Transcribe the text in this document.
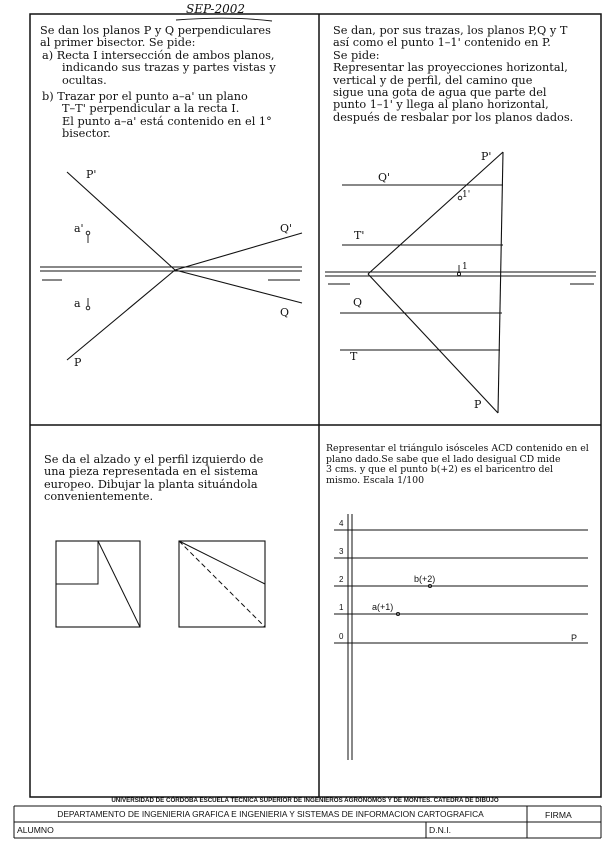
SEP-2002

Se dan los planos P y Q perpendiculares

al primer bisector. Se pide:

a) Recta I intersección de ambos planos,

indicando sus trazas y partes vistas y

ocultas.

b) Trazar por el punto a–a' un plano

T–T' perpendicular a la recta I.

El punto a–a' está contenido en el 1°

bisector.

P'
Q'
a'
a
Q
P

Se dan, por sus trazas, los planos P,Q y T

así como el punto 1–1' contenido en P.

Se pide:

Representar las proyecciones horizontal,

vertical y de perfil, del camino que

sigue una gota de agua que parte del

punto 1–1' y llega al plano horizontal,

después de resbalar por los planos dados.

P'
Q'
1'
T'
1
Q
T
P

Se da el alzado y el perfil izquierdo de

una pieza representada en el sistema

europeo. Dibujar la planta situándola

convenientemente.

Representar el triángulo isósceles ACD contenido en el

plano dado.Se sabe que el lado desigual CD mide

3 cms. y que el punto b(+2) es el baricentro del

mismo. Escala 1/100

4
3
2
1
0
b(+2)
a(+1)
P
UNIVERSIDAD DE CÓRDOBA ESCUELA TECNICA SUPERIOR DE INGENIEROS AGRÓNOMOS Y DE MONTES. CATEDRA DE DIBUJO
DEPARTAMENTO DE INGENIERIA GRAFICA E INGENIERIA Y SISTEMAS DE INFORMACION CARTOGRAFICA	FIRMA
ALUMNO	D.N.I.
